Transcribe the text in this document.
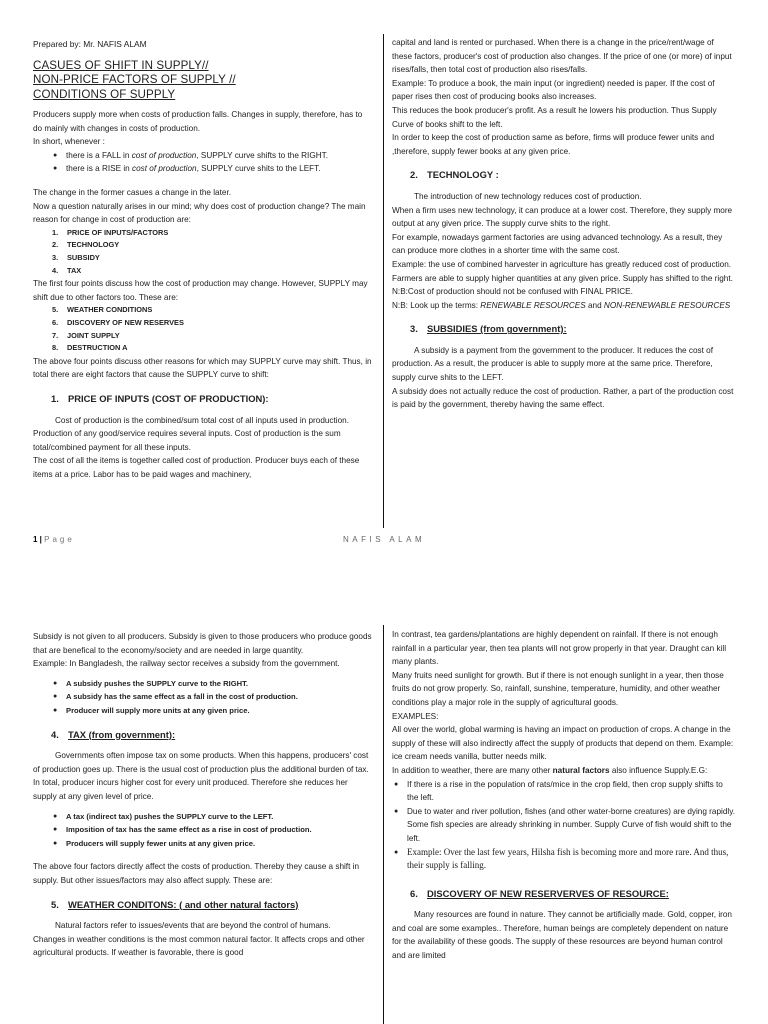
Prepared by: Mr. NAFIS ALAM

CASUES OF SHIFT IN SUPPLY//
NON-PRICE FACTORS OF SUPPLY //
CONDITIONS OF SUPPLY

Producers supply more when costs of production falls. Changes in supply, therefore, has to do mainly with changes in costs of production.

In short, whenever :

● there is a FALL in cost of production, SUPPLY curve shifts to the RIGHT.
● there is a RISE in cost of production, SUPPLY curve shits to the LEFT.

The change in the former casues a change in the later.

Now a question naturally arises in our mind; why does cost of production change? The main reason for change in cost of production are:

1. PRICE OF INPUTS/FACTORS
2. TECHNOLOGY
3. SUBSIDY
4. TAX

The first four points discuss how the cost of production may change. However, SUPPLY may shift due to other factors too. These are:

5. WEATHER CONDITIONS
6. DISCOVERY OF NEW RESERVES
7. JOINT SUPPLY
8. DESTRUCTION A

The above four points discuss other reasons for which may SUPPLY curve may shift. Thus, in total there are eight factors that cause the SUPPLY curve to shift:

1. PRICE OF INPUTS (COST OF PRODUCTION):

Cost of production is the combined/sum total cost of all inputs used in production.

Production of any good/service requires several inputs. Cost of production is the sum total/combined payment for all these inputs.

The cost of all the items is together called cost of production. Producer buys each of these items at a price. Labor has to be paid wages and machinery,

capital and land is rented or purchased. When there is a change in the price/rent/wage of these factors, producer's cost of production also changes. If the price of one (or more) of input rises/falls, then total cost of production also rises/falls.

Example: To produce a book, the main input (or ingredient) needed is paper. If the cost of paper rises then cost of producing books also increases.

This reduces the book producer's profit. As a result he lowers his production. Thus Supply Curve of books shift to the left.

In order to keep the cost of production same as before, firms will produce fewer units and ,therefore, supply fewer books at any given price.

2. TECHNOLOGY :

The introduction of new technology reduces cost of production.

When a firm uses new technology, it can produce at a lower cost. Therefore, they supply more output at any given price. The supply curve shits to the right.

For example, nowadays garment factories are using advanced technology. As a result, they can produce more clothes in a shorter time with the same cost.

Example: the use of combined harvester in agriculture has greatly reduced cost of production. Farmers are able to supply higher quantities at any given price. Supply has shifted to the right.

N:B:Cost of production should not be confused with FINAL PRICE.

N:B: Look up the terms: RENEWABLE RESOURCES and NON-RENEWABLE RESOURCES

3. SUBSIDIES (from government):

A subsidy is a payment from the government to the producer. It reduces the cost of production. As a result, the producer is able to supply more at the same price. Therefore, supply curve shits to the LEFT.

A subsidy does not actually reduce the cost of production. Rather, a part of the production cost is paid by the government, thereby having the same effect.

1 | Page	NAFIS ALAM

Subsidy is not given to all producers. Subsidy is given to those producers who produce goods that are benefical to the economy/society and are needed in large quantity.

Example: In Bangladesh, the railway sector receives a subsidy from the government.

● A subsidy pushes the SUPPLY curve to the RIGHT.
● A subsidy has the same effect as a fall in the cost of production.
● Producer will supply more units at any given price.
4. TAX (from government):

Governments often impose tax on some products. When this happens, producers' cost of production goes up. There is the usual cost of production plus the additional burden of tax. In total, producer incurs higher cost for every unit produced. Therefore she reduces her supply at any given level of price.

● A tax (indirect tax) pushes the SUPPLY curve to the LEFT.
● Imposition of tax has the same effect as a rise in cost of production.
● Producers will supply fewer units at any given price.

The above four factors directly affect the costs of production. Thereby they cause a shift in supply. But other issues/factors may also affect supply. These are:

5. WEATHER CONDITONS: ( and other natural factors)

Natural factors refer to issues/events that are beyond the control of humans.

Changes in weather conditions is the most common natural factor. It affects crops and other agricultural products. If weather is favorable, there is good

In contrast, tea gardens/plantations are highly dependent on rainfall. If there is not enough rainfall in a particular year, then tea plants will not grow properly in that year. Draught can kill many plants.

Many fruits need sunlight for growth. But if there is not enough sunlight in a year, then those fruits do not grow properly. So, rainfall, sunshine, temperature, humidity, and other weather conditions play a major role in the supply of agricultural goods.

EXAMPLES:

All over the world, global warming is having an impact on production of crops. A change in the supply of these will also indirectly affect the supply of products that depend on them. Example: ice cream needs vanilla, butter needs milk.

In addition to weather, there are many other natural factors also influence Supply.E.G:

● If there is a rise in the population of rats/mice in the crop field, then crop supply shifts to the left.
● Due to water and river pollution, fishes (and other water-borne creatures) are dying rapidly. Some fish species are already shrinking in number. Supply Curve of fish would shift to the left.
● Example: Over the last few years, Hilsha fish is becoming more and more rare. And thus, their supply is falling.
6. DISCOVERY OF NEW RESERVERVES OF RESOURCE:

Many resources are found in nature. They cannot be artificially made. Gold, copper, iron and coal are some examples.. Therefore, human beings are completely dependent on nature for the availability of these goods. The supply of these resources are beyond human control and are limited
